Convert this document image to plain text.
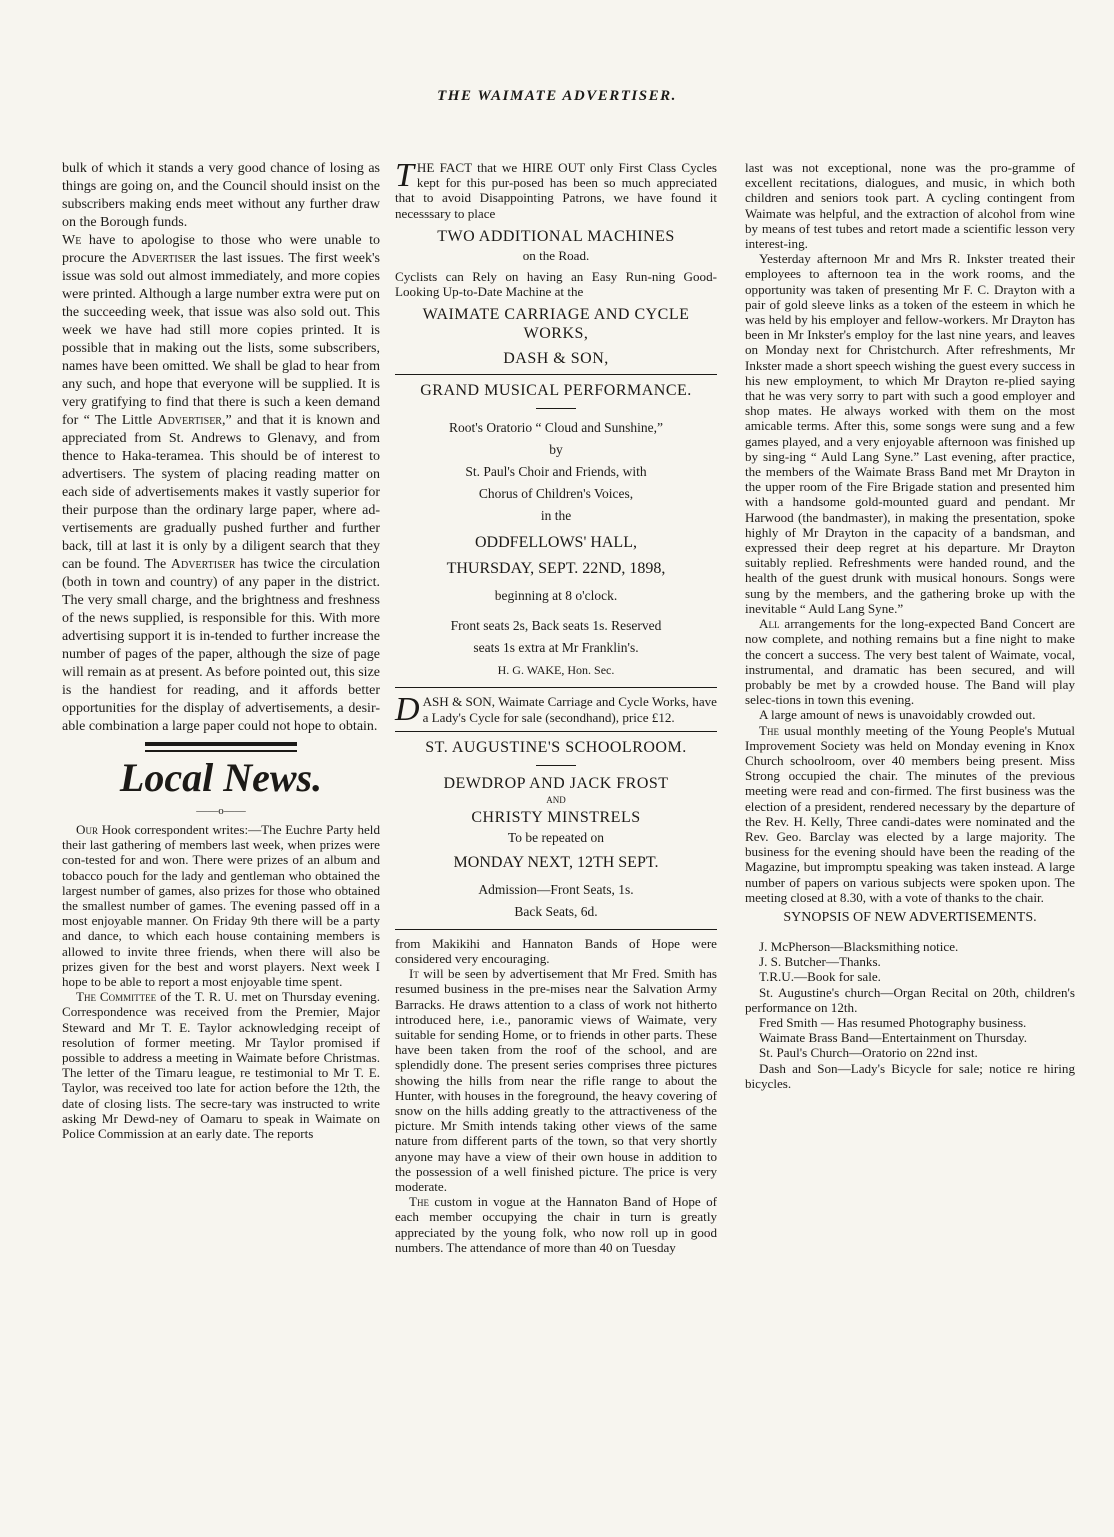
THE WAIMATE ADVERTISER.

bulk of which it stands a very good chance of losing as things are going on, and the Council should insist on the subscribers making ends meet without any further draw on the Borough funds.

We have to apologise to those who were unable to procure the Advertiser the last issues. The first week's issue was sold out almost immediately, and more copies were printed. Although a large number extra were put on the succeeding week, that issue was also sold out. This week we have had still more copies printed. It is possible that in making out the lists, some subscribers, names have been omitted. We shall be glad to hear from any such, and hope that everyone will be supplied. It is very gratifying to find that there is such a keen demand for “ The Little Advertiser,” and that it is known and appreciated from St. Andrews to Glenavy, and from thence to Haka-teramea. This should be of interest to advertisers. The system of placing reading matter on each side of advertisements makes it vastly superior for their purpose than the ordinary large paper, where ad-vertisements are gradually pushed further and further back, till at last it is only by a diligent search that they can be found. The Advertiser has twice the circulation (both in town and country) of any paper in the district. The very small charge, and the brightness and freshness of the news supplied, is responsible for this. With more advertising support it is in-tended to further increase the number of pages of the paper, although the size of page will remain as at present. As before pointed out, this size is the handiest for reading, and it affords better opportunities for the display of advertisements, a desir-able combination a large paper could not hope to obtain.

Local News.
——o——

Our Hook correspondent writes:—The Euchre Party held their last gathering of members last week, when prizes were con-tested for and won. There were prizes of an album and tobacco pouch for the lady and gentleman who obtained the largest number of games, also prizes for those who obtained the smallest number of games. The evening passed off in a most enjoyable manner. On Friday 9th there will be a party and dance, to which each house containing members is allowed to invite three friends, when there will also be prizes given for the best and worst players. Next week I hope to be able to report a most enjoyable time spent.

The Committee of the T. R. U. met on Thursday evening. Correspondence was received from the Premier, Major Steward and Mr T. E. Taylor acknowledging receipt of resolution of former meeting. Mr Taylor promised if possible to address a meeting in Waimate before Christmas. The letter of the Timaru league, re testimonial to Mr T. E. Taylor, was received too late for action before the 12th, the date of closing lists. The secre-tary was instructed to write asking Mr Dewd-ney of Oamaru to speak in Waimate on Police Commission at an early date. The reports

THE FACT that we HIRE OUT only First Class Cycles kept for this pur-posed has been so much appreciated that to avoid Disappointing Patrons, we have found it necesssary to place

TWO ADDITIONAL MACHINES
on the Road.

Cyclists can Rely on having an Easy Run-ning Good-Looking Up-to-Date Machine at the

WAIMATE CARRIAGE AND CYCLE WORKS,
DASH & SON,
GRAND MUSICAL PERFORMANCE.
Root's Oratorio “ Cloud and Sunshine,”
by
St. Paul's Choir and Friends, with
Chorus of Children's Voices,
in the
ODDFELLOWS' HALL,
THURSDAY, SEPT. 22ND, 1898,
beginning at 8 o'clock.
Front seats 2s, Back seats 1s. Reserved
seats 1s extra at Mr Franklin's.
H. G. WAKE, Hon. Sec.

DASH & SON, Waimate Carriage and Cycle Works, have a Lady's Cycle for sale (secondhand), price £12.

ST. AUGUSTINE'S SCHOOLROOM.
DEWDROP AND JACK FROST
AND
CHRISTY MINSTRELS
To be repeated on
MONDAY NEXT, 12TH SEPT.
Admission—Front Seats, 1s.
Back Seats, 6d.

from Makikihi and Hannaton Bands of Hope were considered very encouraging.

It will be seen by advertisement that Mr Fred. Smith has resumed business in the pre-mises near the Salvation Army Barracks. He draws attention to a class of work not hitherto introduced here, i.e., panoramic views of Waimate, very suitable for sending Home, or to friends in other parts. These have been taken from the roof of the school, and are splendidly done. The present series comprises three pictures showing the hills from near the rifle range to about the Hunter, with houses in the foreground, the heavy covering of snow on the hills adding greatly to the attractiveness of the picture. Mr Smith intends taking other views of the same nature from different parts of the town, so that very shortly anyone may have a view of their own house in addition to the possession of a well finished picture. The price is very moderate.

The custom in vogue at the Hannaton Band of Hope of each member occupying the chair in turn is greatly appreciated by the young folk, who now roll up in good numbers. The attendance of more than 40 on Tuesday

last was not exceptional, none was the pro-gramme of excellent recitations, dialogues, and music, in which both children and seniors took part. A cycling contingent from Waimate was helpful, and the extraction of alcohol from wine by means of test tubes and retort made a scientific lesson very interest-ing.

Yesterday afternoon Mr and Mrs R. Inkster treated their employees to afternoon tea in the work rooms, and the opportunity was taken of presenting Mr F. C. Drayton with a pair of gold sleeve links as a token of the esteem in which he was held by his employer and fellow-workers. Mr Drayton has been in Mr Inkster's employ for the last nine years, and leaves on Monday next for Christchurch. After refreshments, Mr Inkster made a short speech wishing the guest every success in his new employment, to which Mr Drayton re-plied saying that he was very sorry to part with such a good employer and shop mates. He always worked with them on the most amicable terms. After this, some songs were sung and a few games played, and a very enjoyable afternoon was finished up by sing-ing “ Auld Lang Syne.” Last evening, after practice, the members of the Waimate Brass Band met Mr Drayton in the upper room of the Fire Brigade station and presented him with a handsome gold-mounted guard and pendant. Mr Harwood (the bandmaster), in making the presentation, spoke highly of Mr Drayton in the capacity of a bandsman, and expressed their deep regret at his departure. Mr Drayton suitably replied. Refreshments were handed round, and the health of the guest drunk with musical honours. Songs were sung by the members, and the gathering broke up with the inevitable “ Auld Lang Syne.”

All arrangements for the long-expected Band Concert are now complete, and nothing remains but a fine night to make the concert a success. The very best talent of Waimate, vocal, instrumental, and dramatic has been secured, and will probably be met by a crowded house. The Band will play selec-tions in town this evening.

A large amount of news is unavoidably crowded out.

The usual monthly meeting of the Young People's Mutual Improvement Society was held on Monday evening in Knox Church schoolroom, over 40 members being present. Miss Strong occupied the chair. The minutes of the previous meeting were read and con-firmed. The first business was the election of a president, rendered necessary by the departure of the Rev. H. Kelly, Three candi-dates were nominated and the Rev. Geo. Barclay was elected by a large majority. The business for the evening should have been the reading of the Magazine, but impromptu speaking was taken instead. A large number of papers on various subjects were spoken upon. The meeting closed at 8.30, with a vote of thanks to the chair.

SYNOPSIS OF NEW ADVERTISEMENTS.

J. McPherson—Blacksmithing notice.

J. S. Butcher—Thanks.

T.R.U.—Book for sale.

St. Augustine's church—Organ Recital on 20th, children's performance on 12th.

Fred Smith — Has resumed Photography business.

Waimate Brass Band—Entertainment on Thursday.

St. Paul's Church—Oratorio on 22nd inst.

Dash and Son—Lady's Bicycle for sale; notice re hiring bicycles.
